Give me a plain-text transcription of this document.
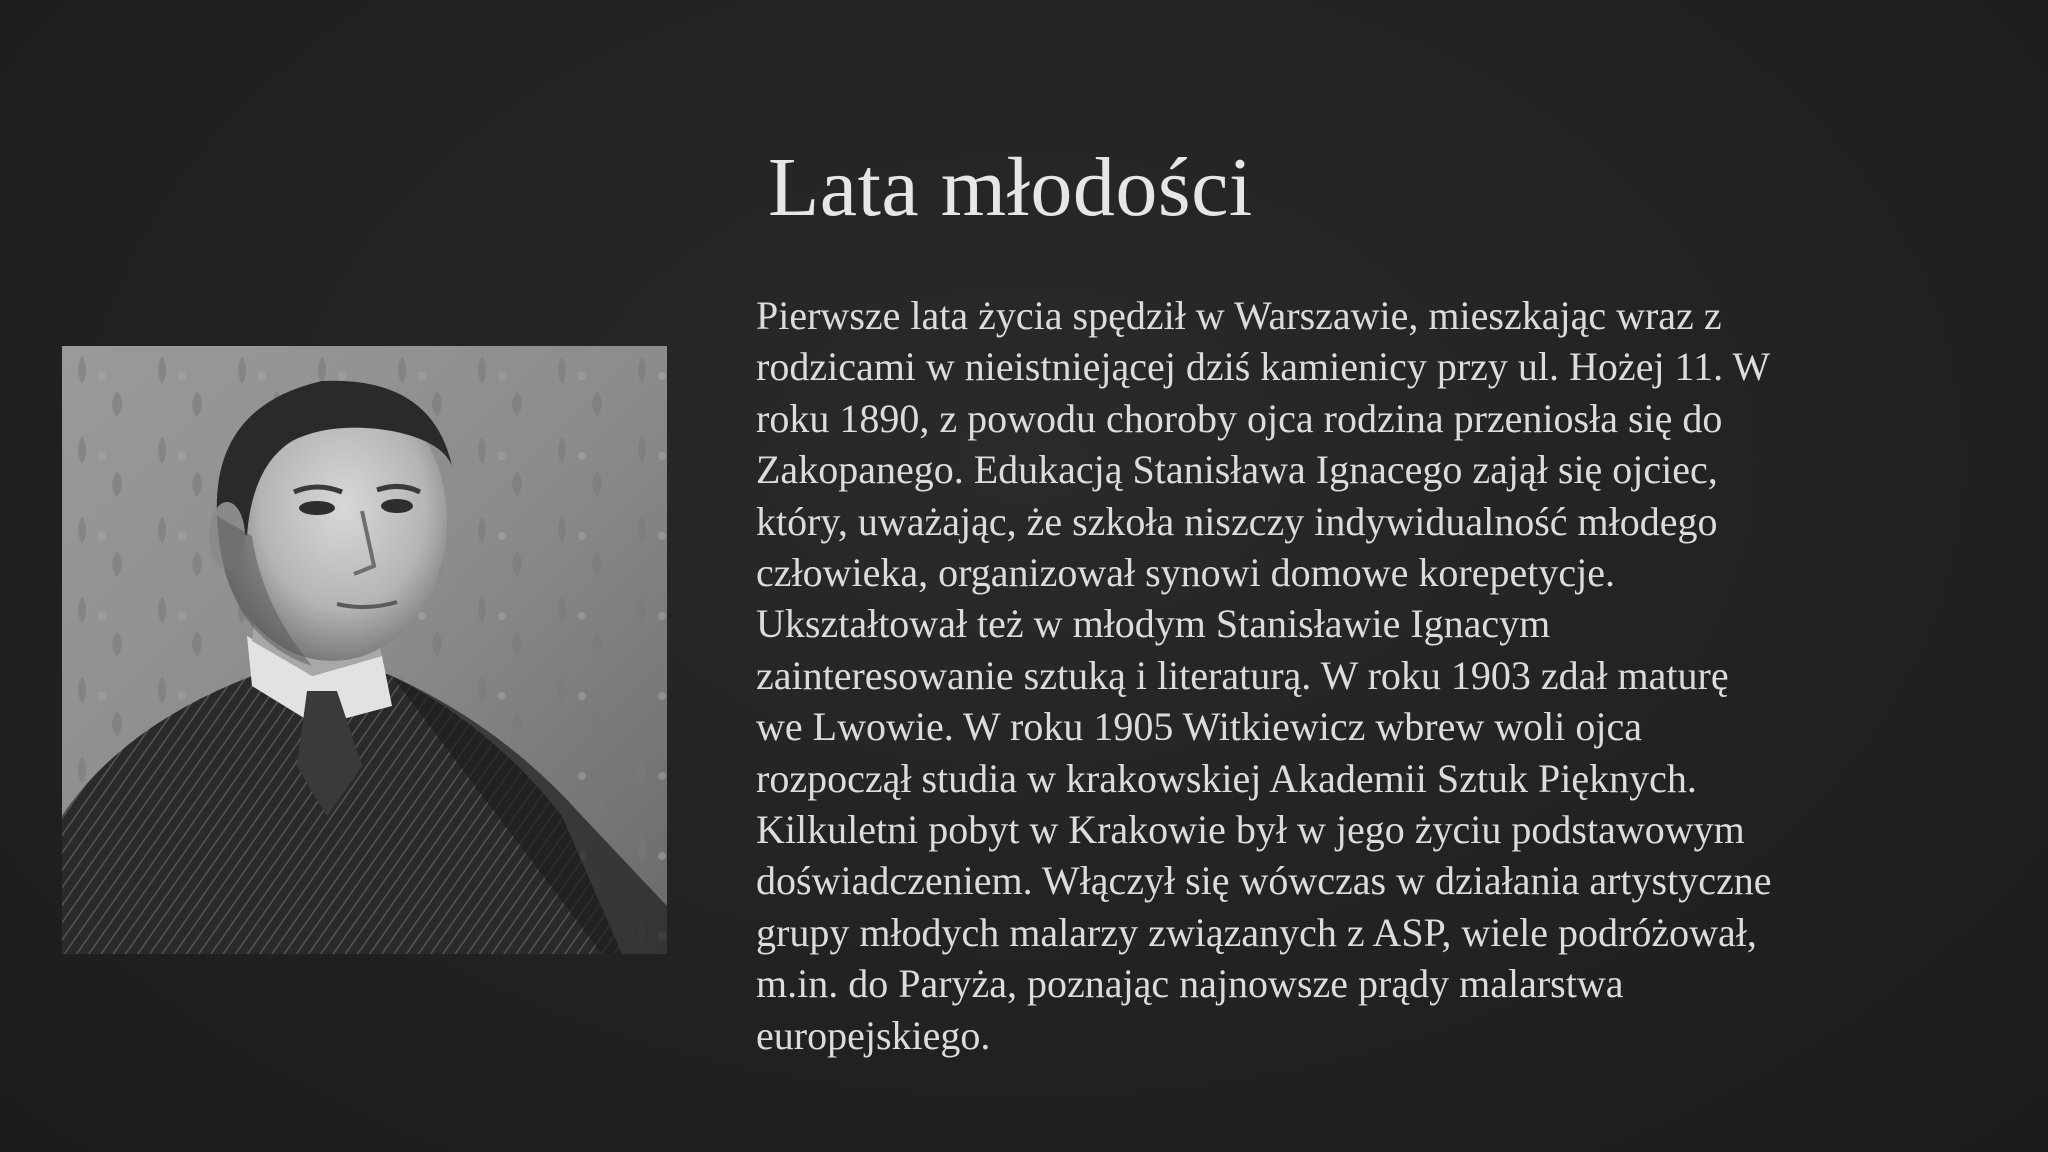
Lata młodości

Pierwsze lata życia spędził w Warszawie, mieszkając wraz z
rodzicami w nieistniejącej dziś kamienicy przy ul. Hożej 11. W
roku 1890, z powodu choroby ojca rodzina przeniosła się do
Zakopanego. Edukacją Stanisława Ignacego zajął się ojciec,
który, uważając, że szkoła niszczy indywidualność młodego
człowieka, organizował synowi domowe korepetycje.
Ukształtował też w młodym Stanisławie Ignacym
zainteresowanie sztuką i literaturą. W roku 1903 zdał maturę
we Lwowie. W roku 1905 Witkiewicz wbrew woli ojca
rozpoczął studia w krakowskiej Akademii Sztuk Pięknych.
Kilkuletni pobyt w Krakowie był w jego życiu podstawowym
doświadczeniem. Włączył się wówczas w działania artystyczne
grupy młodych malarzy związanych z ASP, wiele podróżował,
m.in. do Paryża, poznając najnowsze prądy malarstwa
europejskiego.
